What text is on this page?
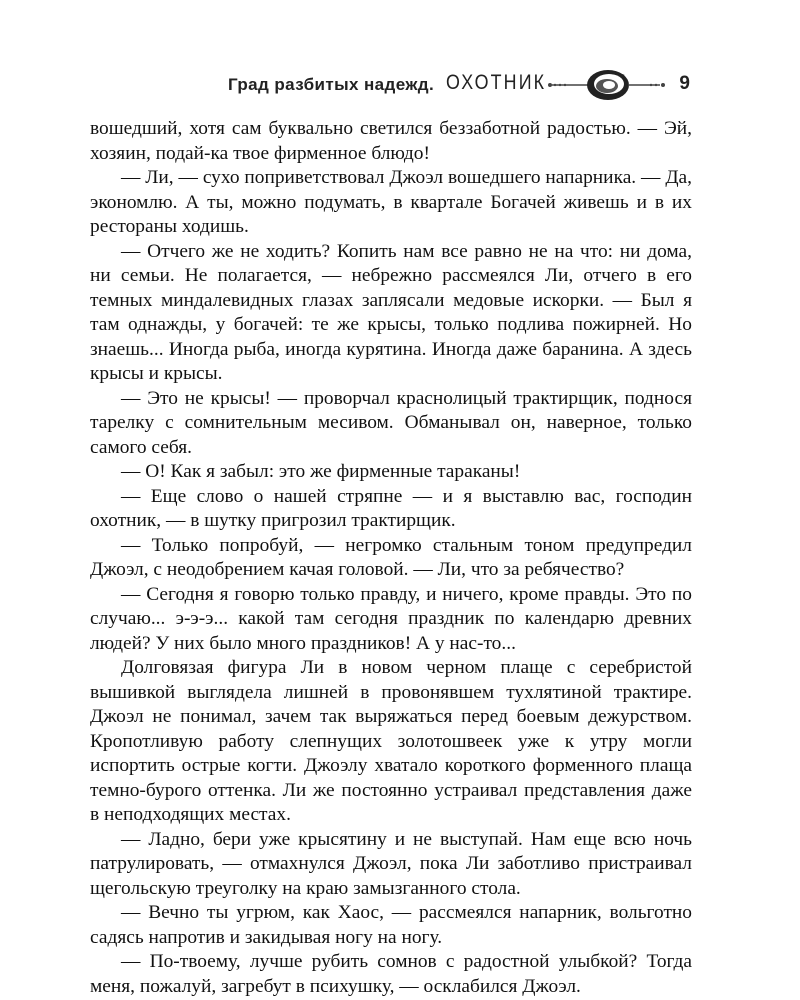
Град разбитых надежд. ОХОТНИК	9

вошедший, хотя сам буквально светился беззаботной радостью. — Эй, хозяин, подай-ка твое фирменное блюдо!

— Ли, — сухо поприветствовал Джоэл вошедшего напарника. — Да, экономлю. А ты, можно подумать, в квартале Богачей живешь и в их рестораны ходишь.

— Отчего же не ходить? Копить нам все равно не на что: ни дома, ни семьи. Не полагается, — небрежно рассмеялся Ли, отчего в его темных миндалевидных глазах заплясали медовые искорки. — Был я там однажды, у богачей: те же крысы, только подлива пожирней. Но знаешь... Иногда рыба, иногда курятина. Иногда даже баранина. А здесь крысы и крысы.

— Это не крысы! — проворчал краснолицый трактирщик, поднося тарелку с сомнительным месивом. Обманывал он, наверное, только самого себя.

— О! Как я забыл: это же фирменные тараканы!

— Еще слово о нашей стряпне — и я выставлю вас, господин охотник, — в шутку пригрозил трактирщик.

— Только попробуй, — негромко стальным тоном предупредил Джоэл, с неодобрением качая головой. — Ли, что за ребячество?

— Сегодня я говорю только правду, и ничего, кроме правды. Это по случаю... э-э-э... какой там сегодня праздник по календарю древних людей? У них было много праздников! А у нас-то...

Долговязая фигура Ли в новом черном плаще с серебристой вышивкой выглядела лишней в провонявшем тухлятиной трактире. Джоэл не понимал, зачем так выряжаться перед боевым дежурством. Кропотливую работу слепнущих золотошвеек уже к утру могли испортить острые когти. Джоэлу хватало короткого форменного плаща темно-бурого оттенка. Ли же постоянно устраивал представления даже в неподходящих местах.

— Ладно, бери уже крысятину и не выступай. Нам еще всю ночь патрулировать, — отмахнулся Джоэл, пока Ли заботливо пристраивал щегольскую треуголку на краю замызганного стола.

— Вечно ты угрюм, как Хаос, — рассмеялся напарник, вольготно садясь напротив и закидывая ногу на ногу.

— По-твоему, лучше рубить сомнов с радостной улыбкой? Тогда меня, пожалуй, загребут в психушку, — осклабился Джоэл.
